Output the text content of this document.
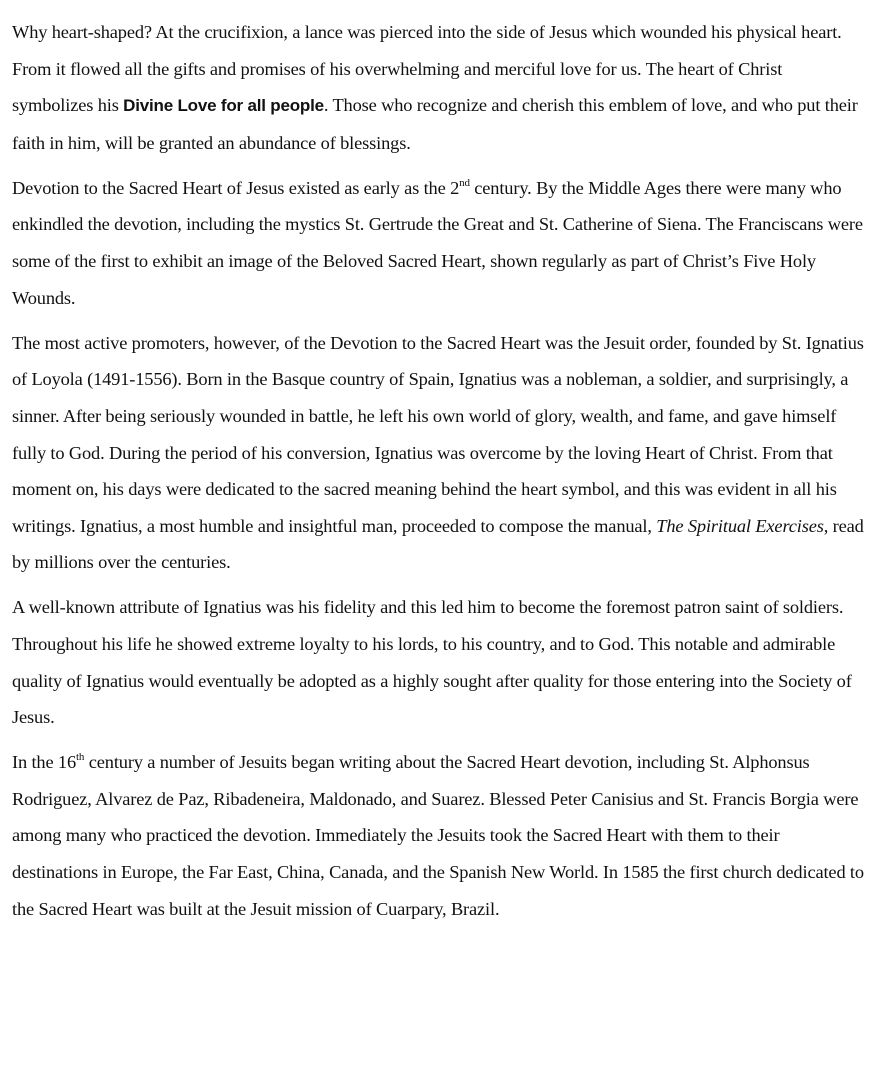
Why heart-shaped? At the crucifixion, a lance was pierced into the side of Jesus which wounded his physical heart. From it flowed all the gifts and promises of his overwhelming and merciful love for us. The heart of Christ symbolizes his Divine Love for all people. Those who recognize and cherish this emblem of love, and who put their faith in him, will be granted an abundance of blessings.

Devotion to the Sacred Heart of Jesus existed as early as the 2nd century. By the Middle Ages there were many who enkindled the devotion, including the mystics St. Gertrude the Great and St. Catherine of Siena. The Franciscans were some of the first to exhibit an image of the Beloved Sacred Heart, shown regularly as part of Christ’s Five Holy Wounds.

The most active promoters, however, of the Devotion to the Sacred Heart was the Jesuit order, founded by St. Ignatius of Loyola (1491-1556). Born in the Basque country of Spain, Ignatius was a nobleman, a soldier, and surprisingly, a sinner. After being seriously wounded in battle, he left his own world of glory, wealth, and fame, and gave himself fully to God. During the period of his conversion, Ignatius was overcome by the loving Heart of Christ. From that moment on, his days were dedicated to the sacred meaning behind the heart symbol, and this was evident in all his writings. Ignatius, a most humble and insightful man, proceeded to compose the manual, The Spiritual Exercises, read by millions over the centuries.

A well-known attribute of Ignatius was his fidelity and this led him to become the foremost patron saint of soldiers. Throughout his life he showed extreme loyalty to his lords, to his country, and to God. This notable and admirable quality of Ignatius would eventually be adopted as a highly sought after quality for those entering into the Society of Jesus.

In the 16th century a number of Jesuits began writing about the Sacred Heart devotion, including St. Alphonsus Rodriguez, Alvarez de Paz, Ribadeneira, Maldonado, and Suarez. Blessed Peter Canisius and St. Francis Borgia were among many who practiced the devotion. Immediately the Jesuits took the Sacred Heart with them to their destinations in Europe, the Far East, China, Canada, and the Spanish New World. In 1585 the first church dedicated to the Sacred Heart was built at the Jesuit mission of Cuarpary, Brazil.
